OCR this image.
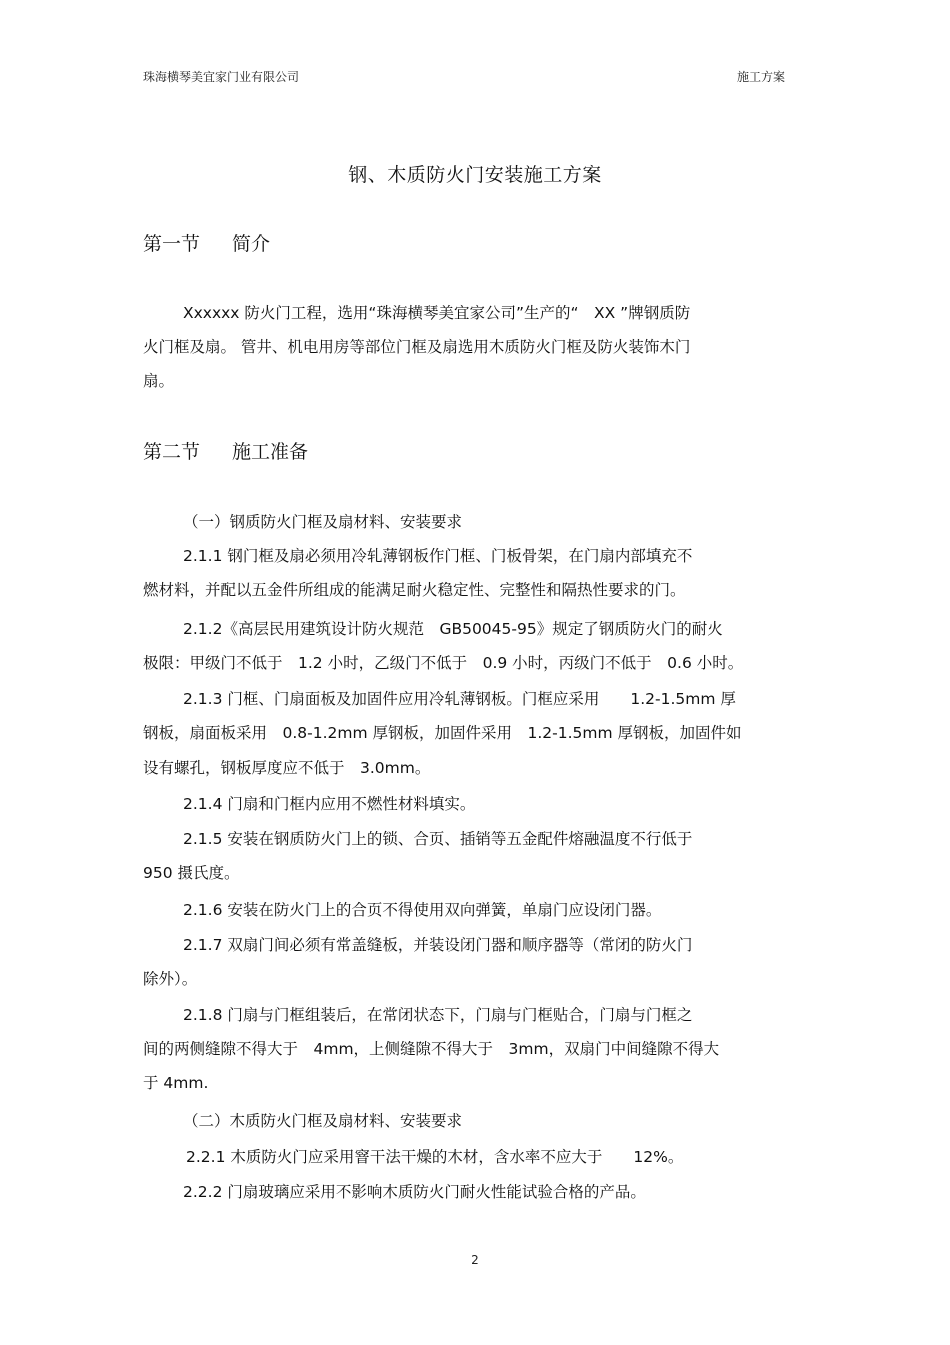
珠海横琴美宜家门业有限公司	施工方案
钢、木质防火门安装施工方案
第一节 简介
Xxxxxx 防火门工程，选用“珠海横琴美宜家公司”生产的“　XX ”牌钢质防
火门框及扇。 管井、机电用房等部位门框及扇选用木质防火门框及防火装饰木门
扇。
第二节 施工准备
（一）钢质防火门框及扇材料、安装要求
2.1.1 钢门框及扇必须用冷轧薄钢板作门框、门板骨架，在门扇内部填充不
燃材料，并配以五金件所组成的能满足耐火稳定性、完整性和隔热性要求的门。
2.1.2《高层民用建筑设计防火规范　GB50045-95》规定了钢质防火门的耐火
极限：甲级门不低于　1.2 小时，乙级门不低于　0.9 小时，丙级门不低于　0.6 小时。
2.1.3 门框、门扇面板及加固件应用冷轧薄钢板。门框应采用　　1.2-1.5mm 厚
钢板，扇面板采用　0.8-1.2mm 厚钢板，加固件采用　1.2-1.5mm 厚钢板，加固件如
设有螺孔，钢板厚度应不低于　3.0mm。
2.1.4 门扇和门框内应用不燃性材料填实。
2.1.5 安装在钢质防火门上的锁、合页、插销等五金配件熔融温度不行低于
950 摄氏度。
2.1.6 安装在防火门上的合页不得使用双向弹簧，单扇门应设闭门器。
2.1.7 双扇门间必须有常盖缝板，并装设闭门器和顺序器等（常闭的防火门
除外）。
2.1.8 门扇与门框组装后，在常闭状态下，门扇与门框贴合，门扇与门框之
间的两侧缝隙不得大于　4mm，上侧缝隙不得大于　3mm，双扇门中间缝隙不得大
于 4mm.
（二）木质防火门框及扇材料、安装要求
2.2.1 木质防火门应采用窨干法干燥的木材，含水率不应大于　　12%。
2.2.2 门扇玻璃应采用不影响木质防火门耐火性能试验合格的产品。
2
